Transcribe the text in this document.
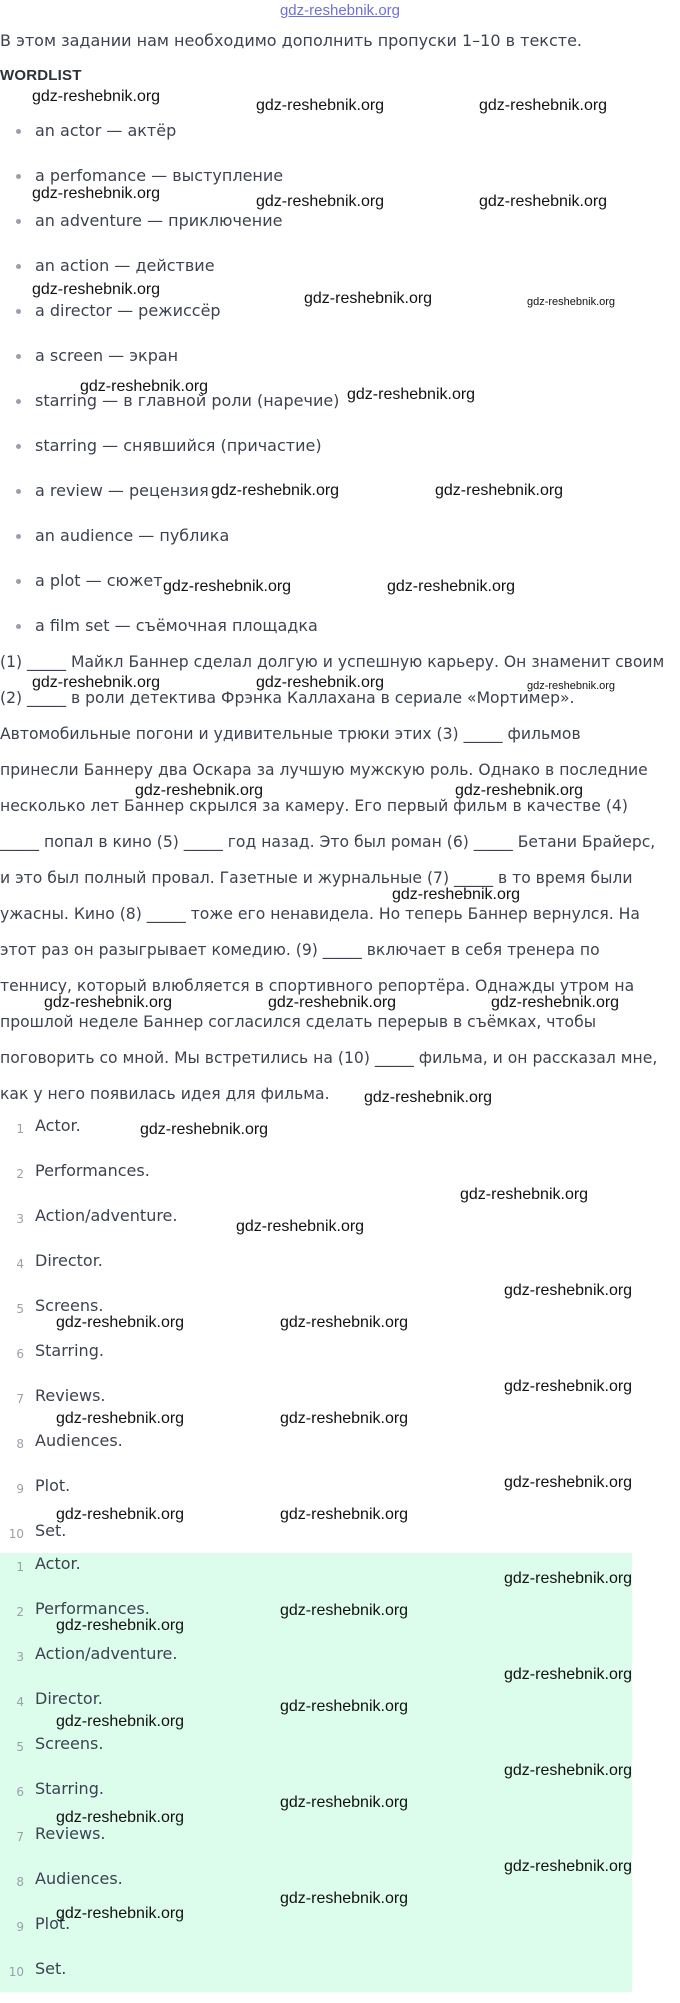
gdz-reshebnik.org
В этом задании нам необходимо дополнить пропуски 1–10 в тексте.
WORDLIST
an actor — актёр
a perfomance — выступление
an adventure — приключение
an action — действие
a director — режиссёр
a screen — экран
starring — в главной роли (наречие)
starring — снявшийся (причастие)
a review — рецензия
an audience — публика
a plot — сюжет
a film set — съёмочная площадка
(1) _____ Майкл Баннер сделал долгую и успешную карьеру. Он знаменит своим
(2) _____ в роли детектива Фрэнка Каллахана в сериале «Мортимер».
Автомобильные погони и удивительные трюки этих (3) _____ фильмов
принесли Баннеру два Оскара за лучшую мужскую роль. Однако в последние
несколько лет Баннер скрылся за камеру. Его первый фильм в качестве (4)
_____ попал в кино (5) _____ год назад. Это был роман (6) _____ Бетани Брайерс,
и это был полный провал. Газетные и журнальные (7) _____ в то время были
ужасны. Кино (8) _____ тоже его ненавидела. Но теперь Баннер вернулся. На
этот раз он разыгрывает комедию. (9) _____ включает в себя тренера по
теннису, который влюбляется в спортивного репортёра. Однажды утром на
прошлой неделе Баннер согласился сделать перерыв в съёмках, чтобы
поговорить со мной. Мы встретились на (10) _____ фильма, и он рассказал мне,
как у него появилась идея для фильма.
1 Actor.
2 Performances.
3 Action/adventure.
4 Director.
5 Screens.
6 Starring.
7 Reviews.
8 Audiences.
9 Plot.
10 Set.
1 Actor.
2 Performances.
3 Action/adventure.
4 Director.
5 Screens.
6 Starring.
7 Reviews.
8 Audiences.
9 Plot.
10 Set.
gdz-reshebnik.org
gdz-reshebnik.org	gdz-reshebnik.org
gdz-reshebnik.org	gdz-reshebnik.org	gdz-reshebnik.org
gdz-reshebnik.org
gdz-reshebnik.org	gdz-reshebnik.org
gdz-reshebnik.org	gdz-reshebnik.org
gdz-reshebnik.org	gdz-reshebnik.org
gdz-reshebnik.org	gdz-reshebnik.org
gdz-reshebnik.org	gdz-reshebnik.org	gdz-reshebnik.org
gdz-reshebnik.org	gdz-reshebnik.org
gdz-reshebnik.org
gdz-reshebnik.org	gdz-reshebnik.org	gdz-reshebnik.org
gdz-reshebnik.org
gdz-reshebnik.org
gdz-reshebnik.org
gdz-reshebnik.org
gdz-reshebnik.org
gdz-reshebnik.org	gdz-reshebnik.org
gdz-reshebnik.org
gdz-reshebnik.org	gdz-reshebnik.org
gdz-reshebnik.org
gdz-reshebnik.org	gdz-reshebnik.org
gdz-reshebnik.org
gdz-reshebnik.org
gdz-reshebnik.org
gdz-reshebnik.org
gdz-reshebnik.org
gdz-reshebnik.org
gdz-reshebnik.org
gdz-reshebnik.org
gdz-reshebnik.org
gdz-reshebnik.org
gdz-reshebnik.org
gdz-reshebnik.org
